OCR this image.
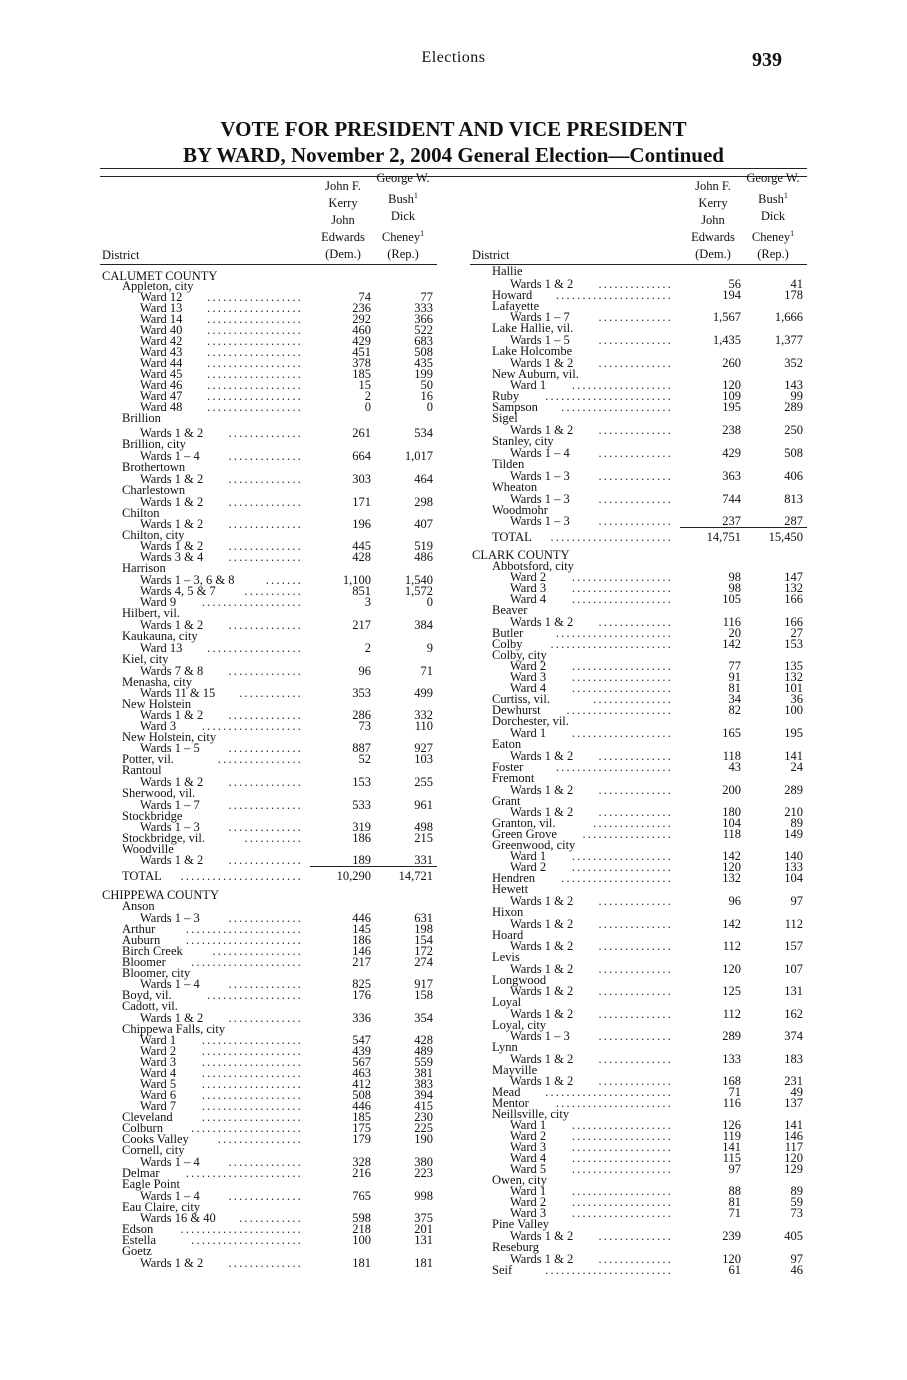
Elections	939
VOTE FOR PRESIDENT AND VICE PRESIDENT
BY WARD, November 2, 2004 General Election—Continued
District
John F.
Kerry
John
Edwards
(Dem.)
George W.
Bush$^1$
Dick
Cheney$^1$
(Rep.)
CALUMET COUNTY
Appleton, city
Ward 12 ..................	74	77
Ward 13 ..................	236	333
Ward 14 ..................	292	366
Ward 40 ..................	460	522
Ward 42 ..................	429	683
Ward 43 ..................	451	508
Ward 44 ..................	378	435
Ward 45 ..................	185	199
Ward 46 ..................	15	50
Ward 47 ..................	2	16
Ward 48 ..................	0	0
Brillion
Wards 1 & 2 ..............	261	534
Brillion, city
Wards 1 – 4 ..............	664	1,017
Brothertown
Wards 1 & 2 ..............	303	464
Charlestown
Wards 1 & 2 ..............	171	298
Chilton
Wards 1 & 2 ..............	196	407
Chilton, city
Wards 1 & 2 ..............	445	519
Wards 3 & 4 ..............	428	486
Harrison
Wards 1 – 3, 6 & 8 .......	1,100	1,540
Wards 4, 5 & 7 ...........	851	1,572
Ward 9 ...................	3	0
Hilbert, vil.
Wards 1 & 2 ..............	217	384
Kaukauna, city
Ward 13 ..................	2	9
Kiel, city
Wards 7 & 8 ..............	96	71
Menasha, city
Wards 11 & 15 ............	353	499
New Holstein
Wards 1 & 2 ..............	286	332
Ward 3 ...................	73	110
New Holstein, city
Wards 1 – 5 ..............	887	927
Potter, vil.	................	52	103
Rantoul
Wards 1 & 2 ..............	153	255
Sherwood, vil.
Wards 1 – 7 ..............	533	961
Stockbridge
Wards 1 – 3 ..............	319	498
Stockbridge, vil.	...........	186	215
Woodville
Wards 1 & 2 ..............	189	331
TOTAL .......................	10,290 14,721
CHIPPEWA COUNTY
Anson
Wards 1 – 3 ..............	446	631
Arthur ......................	145	198
Auburn ......................	186	154
Birch Creek .................	146	172
Bloomer .....................	217	274
Bloomer, city
Wards 1 – 4 ..............	825	917
Boyd, vil.	..................	176	158
Cadott, vil.
Wards 1 & 2 ..............	336	354
Chippewa Falls, city
Ward 1 ...................	547	428
Ward 2 ...................	439	489
Ward 3 ...................	567	559
Ward 4 ...................	463	381
Ward 5 ...................	412	383
Ward 6 ...................	508	394
Ward 7 ...................	446	415
Cleveland ...................	185	230
Colburn .....................	175	225
Cooks Valley ................	179	190
Cornell, city
Wards 1 – 4 ..............	328	380
Delmar ......................	216	223
Eagle Point
Wards 1 – 4 ..............	765	998
Eau Claire, city
Wards 16 & 40 ............	598	375
Edson .......................	218	201
Estella	.....................	100	131
Goetz
Wards 1 & 2 ..............	181	181
District
John F.
Kerry
John
Edwards
(Dem.)
George W.
Bush$^1$
Dick
Cheney$^1$
(Rep.)
Hallie
Wards 1 & 2 ..............	56	41
Howard ......................	194	178
Lafayette
Wards 1 – 7 ..............	1,567	1,666
Lake Hallie, vil.
Wards 1 – 5 ..............	1,435	1,377
Lake Holcombe
Wards 1 & 2 ..............	260	352
New Auburn, vil.
Ward 1 ...................	120	143
Ruby ........................	109	99
Sampson .....................	195	289
Sigel
Wards 1 & 2 ..............	238	250
Stanley, city
Wards 1 – 4 ..............	429	508
Tilden
Wards 1 – 3 ..............	363	406
Wheaton
Wards 1 – 3 ..............	744	813
Woodmohr
Wards 1 – 3 ..............	237	287
TOTAL .......................	14,751 15,450
CLARK COUNTY
Abbotsford, city
Ward 2 ...................	98	147
Ward 3 ...................	98	132
Ward 4 ...................	105	166
Beaver
Wards 1 & 2 ..............	116	166
Butler	......................	20	27
Colby .......................	142	153
Colby, city
Ward 2 ...................	77	135
Ward 3 ...................	91	132
Ward 4 ...................	81	101
Curtiss, vil.	...............	34	36
Dewhurst ....................	82	100
Dorchester, vil.
Ward 1 ...................	165	195
Eaton
Wards 1 & 2 ..............	118	141
Foster	......................	43	24
Fremont
Wards 1 & 2 ..............	200	289
Grant
Wards 1 & 2 ..............	180	210
Granton, vil.	...............	104	89
Green Grove .................	118	149
Greenwood, city
Ward 1 ...................	142	140
Ward 2 ...................	120	133
Hendren .....................	132	104
Hewett
Wards 1 & 2 ..............	96	97
Hixon
Wards 1 & 2 ..............	142	112
Hoard
Wards 1 & 2 ..............	112	157
Levis
Wards 1 & 2 ..............	120	107
Longwood
Wards 1 & 2 ..............	125	131
Loyal
Wards 1 & 2 ..............	112	162
Loyal, city
Wards 1 – 3 ..............	289	374
Lynn
Wards 1 & 2 ..............	133	183
Mayville
Wards 1 & 2 ..............	168	231
Mead ........................	71	49
Mentor ......................	116	137
Neillsville, city
Ward 1 ...................	126	141
Ward 2 ...................	119	146
Ward 3 ...................	141	117
Ward 4 ...................	115	120
Ward 5 ...................	97	129
Owen, city
Ward 1 ...................	88	89
Ward 2 ...................	81	59
Ward 3 ...................	71	73
Pine Valley
Wards 1 & 2 ..............	239	405
Reseburg
Wards 1 & 2 ..............	120	97
Seif	........................	61	46
